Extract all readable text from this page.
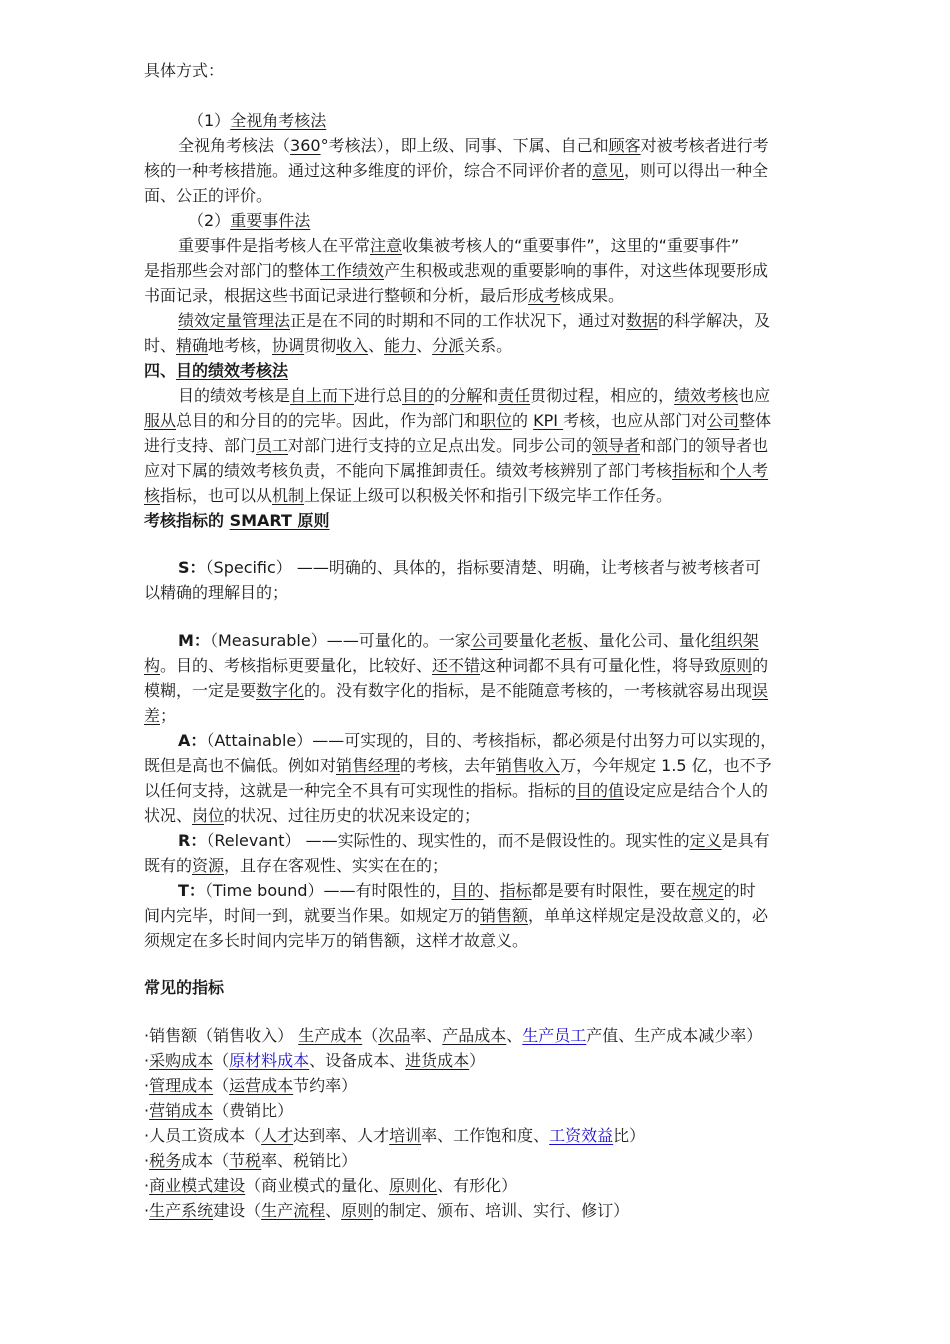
具体方式：
（1）全视角考核法
全视角考核法（360°考核法），即上级、同事、下属、自己和顾客对被考核者进行考
核的一种考核措施。通过这种多维度的评价，综合不同评价者的意见，则可以得出一种全
面、公正的评价。
（2）重要事件法
重要事件是指考核人在平常注意收集被考核人的“重要事件”，这里的“重要事件”
是指那些会对部门的整体工作绩效产生积极或悲观的重要影响的事件，对这些体现要形成
书面记录，根据这些书面记录进行整顿和分析，最后形成考核成果。
绩效定量管理法正是在不同的时期和不同的工作状况下，通过对数据的科学解决，及
时、精确地考核，协调贯彻收入、能力、分派关系。
四、目的绩效考核法
目的绩效考核是自上而下进行总目的的分解和责任贯彻过程，相应的，绩效考核也应
服从总目的和分目的的完毕。因此，作为部门和职位的 KPI 考核，也应从部门对公司整体
进行支持、部门员工对部门进行支持的立足点出发。同步公司的领导者和部门的领导者也
应对下属的绩效考核负责，不能向下属推卸责任。绩效考核辨别了部门考核指标和个人考
核指标，也可以从机制上保证上级可以积极关怀和指引下级完毕工作任务。
考核指标的 SMART 原则
S：（Specific） ——明确的、具体的，指标要清楚、明确，让考核者与被考核者可
以精确的理解目的；
M：（Measurable）——可量化的。一家公司要量化老板、量化公司、量化组织架
构。目的、考核指标更要量化，比较好、还不错这种词都不具有可量化性，将导致原则的
模糊，一定是要数字化的。没有数字化的指标，是不能随意考核的，一考核就容易出现误
差；
A：（Attainable）——可实现的，目的、考核指标，都必须是付出努力可以实现的，
既但是高也不偏低。例如对销售经理的考核，去年销售收入万，今年规定 1.5 亿，也不予
以任何支持，这就是一种完全不具有可实现性的指标。指标的目的值设定应是结合个人的
状况、岗位的状况、过往历史的状况来设定的；
R：（Relevant） ——实际性的、现实性的，而不是假设性的。现实性的定义是具有
既有的资源，且存在客观性、实实在在的；
T：（Time bound）——有时限性的，目的、指标都是要有时限性，要在规定的时
间内完毕，时间一到，就要当作果。如规定万的销售额，单单这样规定是没故意义的，必
须规定在多长时间内完毕万的销售额，这样才故意义。
常见的指标
·销售额（销售收入） 生产成本（次品率、产品成本、生产员工产值、生产成本减少率）
·采购成本（原材料成本、设备成本、进货成本）
·管理成本（运营成本节约率）
·营销成本（费销比）
·人员工资成本（人才达到率、人才培训率、工作饱和度、工资效益比）
·税务成本（节税率、税销比）
·商业模式建设（商业模式的量化、原则化、有形化）
·生产系统建设（生产流程、原则的制定、颁布、培训、实行、修订）
